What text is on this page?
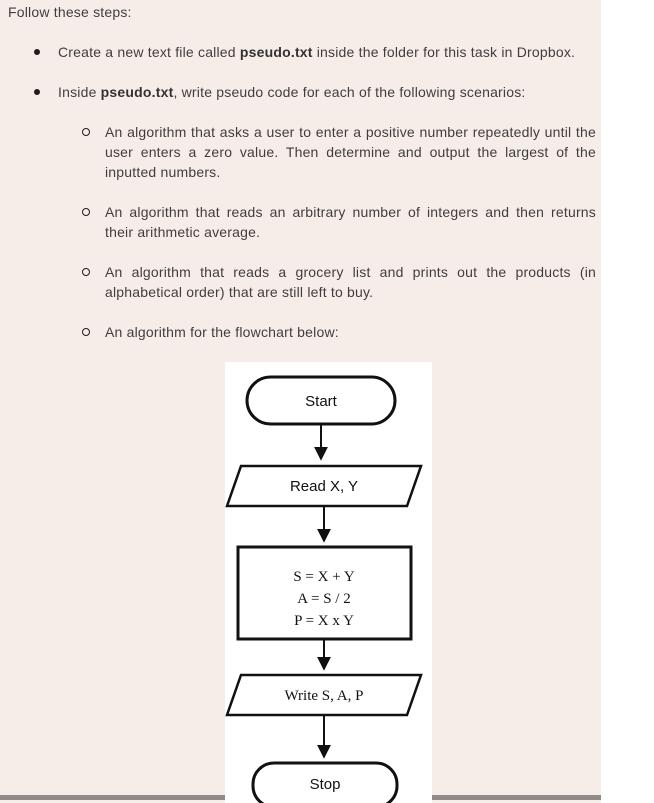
Follow these steps:

Create a new text file called pseudo.txt inside the folder for this task in Dropbox.
Inside pseudo.txt, write pseudo code for each of the following scenarios:
An algorithm that asks a user to enter a positive number repeatedly until the user enters a zero value. Then determine and output the largest of the inputted numbers.
An algorithm that reads an arbitrary number of integers and then returns their arithmetic average.
An algorithm that reads a grocery list and prints out the products (in alphabetical order) that are still left to buy.
An algorithm for the flowchart below:
Start
Read X, Y
S = X + Y
A = S / 2
P = X x Y
Write S, A, P
Stop
